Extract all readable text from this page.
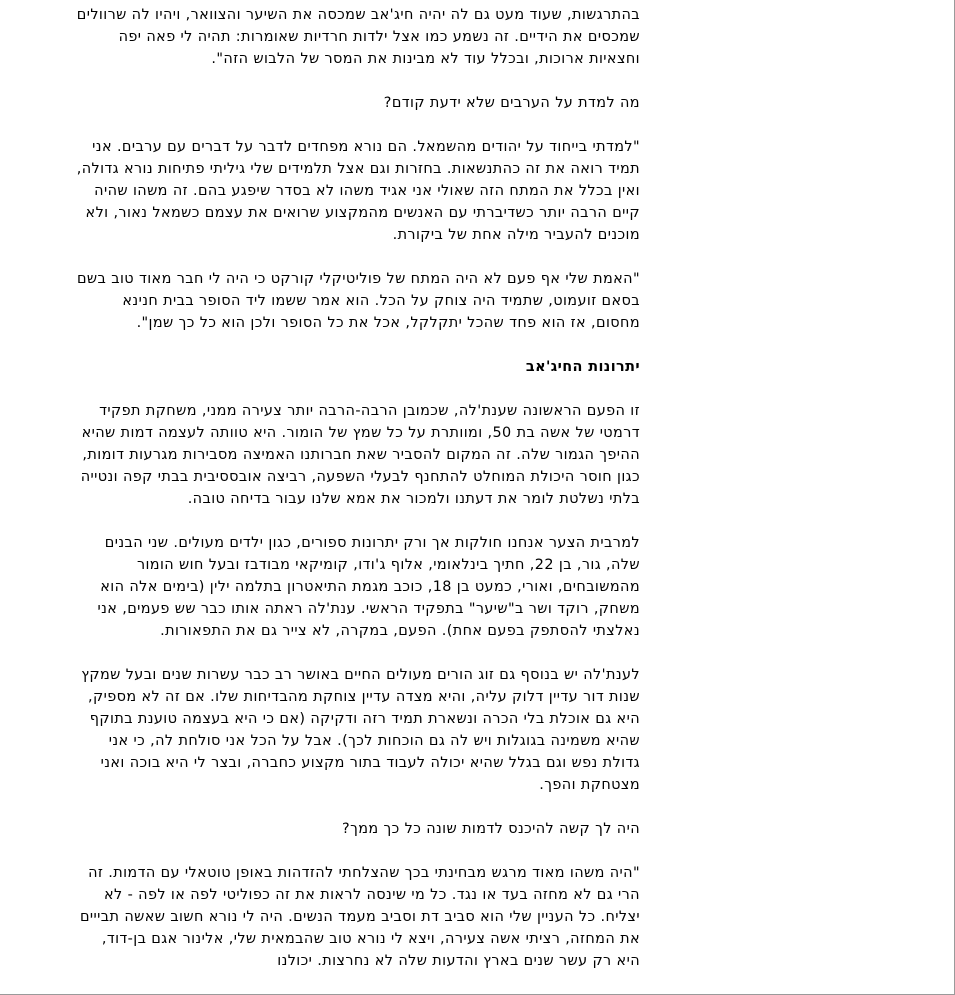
בהתרגשות, שעוד מעט גם לה יהיה חיג'אב שמכסה את השיער והצוואר, ויהיו לה שרוולים שמכסים את הידיים. זה נשמע כמו אצל ילדות חרדיות שאומרות: תהיה לי פאה יפה וחצאיות ארוכות, ובכלל עוד לא מבינות את המסר של הלבוש הזה".

מה למדת על הערבים שלא ידעת קודם?

"למדתי בייחוד על יהודים מהשמאל. הם נורא מפחדים לדבר על דברים עם ערבים. אני תמיד רואה את זה כהתנשאות. בחזרות וגם אצל תלמידים שלי גיליתי פתיחות נורא גדולה, ואין בכלל את המתח הזה שאולי אני אגיד משהו לא בסדר שיפגע בהם. זה משהו שהיה קיים הרבה יותר כשדיברתי עם האנשים מהמקצוע שרואים את עצמם כשמאל נאור, ולא מוכנים להעביר מילה אחת של ביקורת.

"האמת שלי אף פעם לא היה המתח של פוליטיקלי קורקט כי היה לי חבר מאוד טוב בשם בסאם זועמוט, שתמיד היה צוחק על הכל. הוא אמר ששמו ליד הסופר בבית חנינא מחסום, אז הוא פחד שהכל יתקלקל, אכל את כל הסופר ולכן הוא כל כך שמן".

יתרונות החיג'אב

זו הפעם הראשונה שענת'לה, שכמובן הרבה-הרבה יותר צעירה ממני, משחקת תפקיד דרמטי של אשה בת 50, ומוותרת על כל שמץ של הומור. היא טוותה לעצמה דמות שהיא ההיפך הגמור שלה. זה המקום להסביר שאת חברותנו האמיצה מסבירות מגרעות דומות, כגון חוסר היכולת המוחלט להתחנף לבעלי השפעה, רביצה אובססיבית בבתי קפה ונטייה בלתי נשלטת לומר את דעתנו ולמכור את אמא שלנו עבור בדיחה טובה.

למרבית הצער אנחנו חולקות אך ורק יתרונות ספורים, כגון ילדים מעולים. שני הבנים שלה, גור, בן 22, חתיך בינלאומי, אלוף ג'ודו, קומיקאי מבודבז ובעל חוש הומור מהמשובחים, ואורי, כמעט בן 18, כוכב מגמת התיאטרון בתלמה ילין (בימים אלה הוא משחק, רוקד ושר ב"שיער" בתפקיד הראשי. ענת'לה ראתה אותו כבר שש פעמים, אני נאלצתי להסתפק בפעם אחת). הפעם, במקרה, לא צייר גם את התפאורות.

לענת'לה יש בנוסף גם זוג הורים מעולים החיים באושר רב כבר עשרות שנים ובעל שמקץ שנות דור עדיין דלוק עליה, והיא מצדה עדיין צוחקת מהבדיחות שלו. אם זה לא מספיק, היא גם אוכלת בלי הכרה ונשארת תמיד רזה ודקיקה (אם כי היא בעצמה טוענת בתוקף שהיא משמינה בגוגלות ויש לה גם הוכחות לכך). אבל על הכל אני סולחת לה, כי אני גדולת נפש וגם בגלל שהיא יכולה לעבוד בתור מקצוע כחברה, ובצר לי היא בוכה ואני מצטחקת והפך.

היה לך קשה להיכנס לדמות שונה כל כך ממך?

"היה משהו מאוד מרגש מבחינתי בכך שהצלחתי להזדהות באופן טוטאלי עם הדמות. זה הרי גם לא מחזה בעד או נגד. כל מי שינסה לראות את זה כפוליטי לפה או לפה - לא יצליח. כל העניין שלי הוא סביב דת וסביב מעמד הנשים. היה לי נורא חשוב שאשה תבייים את המחזה, רציתי אשה צעירה, ויצא לי נורא טוב שהבמאית שלי, אלינור אגם בן-דוד, היא רק עשר שנים בארץ והדעות שלה לא נחרצות. יכולנו
